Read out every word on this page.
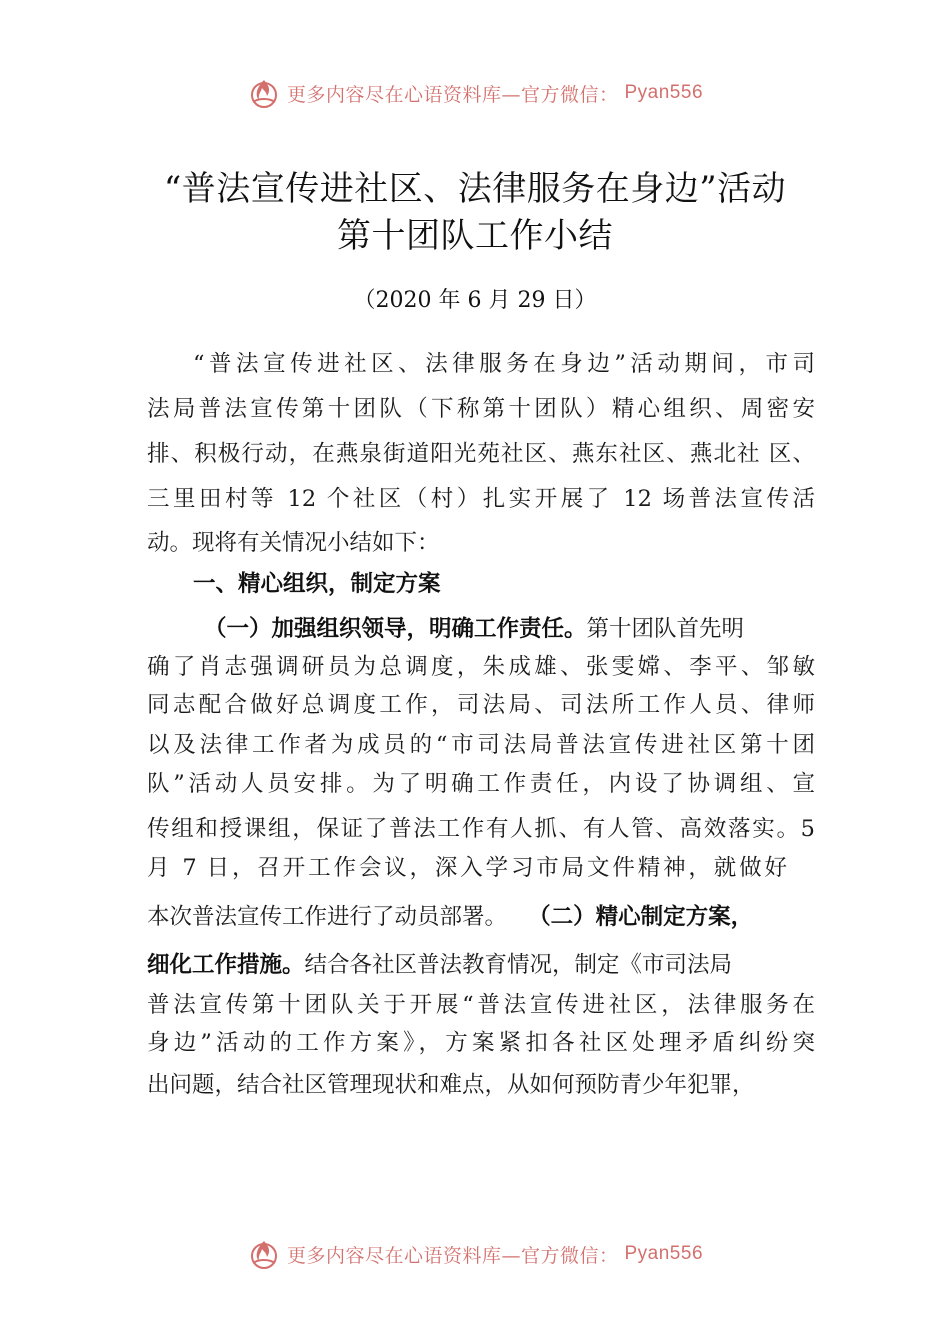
更多内容尽在心语资料库—官方微信： Pyan556
“普法宣传进社区、法律服务在身边”活动
第十团队工作小结
（2020 年 6 月 29 日）
“普法宣传进社区、法律服务在身边”活动期间，市司
法局普法宣传第十团队（下称第十团队）精心组织、周密安
排、积极行动，在燕泉街道阳光苑社区、燕东社区、燕北社 区、
三里田村等 12 个社区（村）扎实开展了 12 场普法宣传活
动。现将有关情况小结如下：
一、精心组织，制定方案
（一）加强组织领导，明确工作责任。第十团队首先明
确了肖志强调研员为总调度，朱成雄、张雯嫦、李平、邹敏
同志配合做好总调度工作，司法局、司法所工作人员、律师
以及法律工作者为成员的“市司法局普法宣传进社区第十团
队”活动人员安排。为了明确工作责任，内设了协调组、宣
传组和授课组，保证了普法工作有人抓、有人管、高效落实。5
月 7 日，召开工作会议，深入学习市局文件精神，就做好
本次普法宣传工作进行了动员部署。 （二）精心制定方案，
细化工作措施。结合各社区普法教育情况，制定《市司法局
普法宣传第十团队关于开展“普法宣传进社区，法律服务在
身边”活动的工作方案》，方案紧扣各社区处理矛盾纠纷突
出问题，结合社区管理现状和难点，从如何预防青少年犯罪，
更多内容尽在心语资料库—官方微信： Pyan556
